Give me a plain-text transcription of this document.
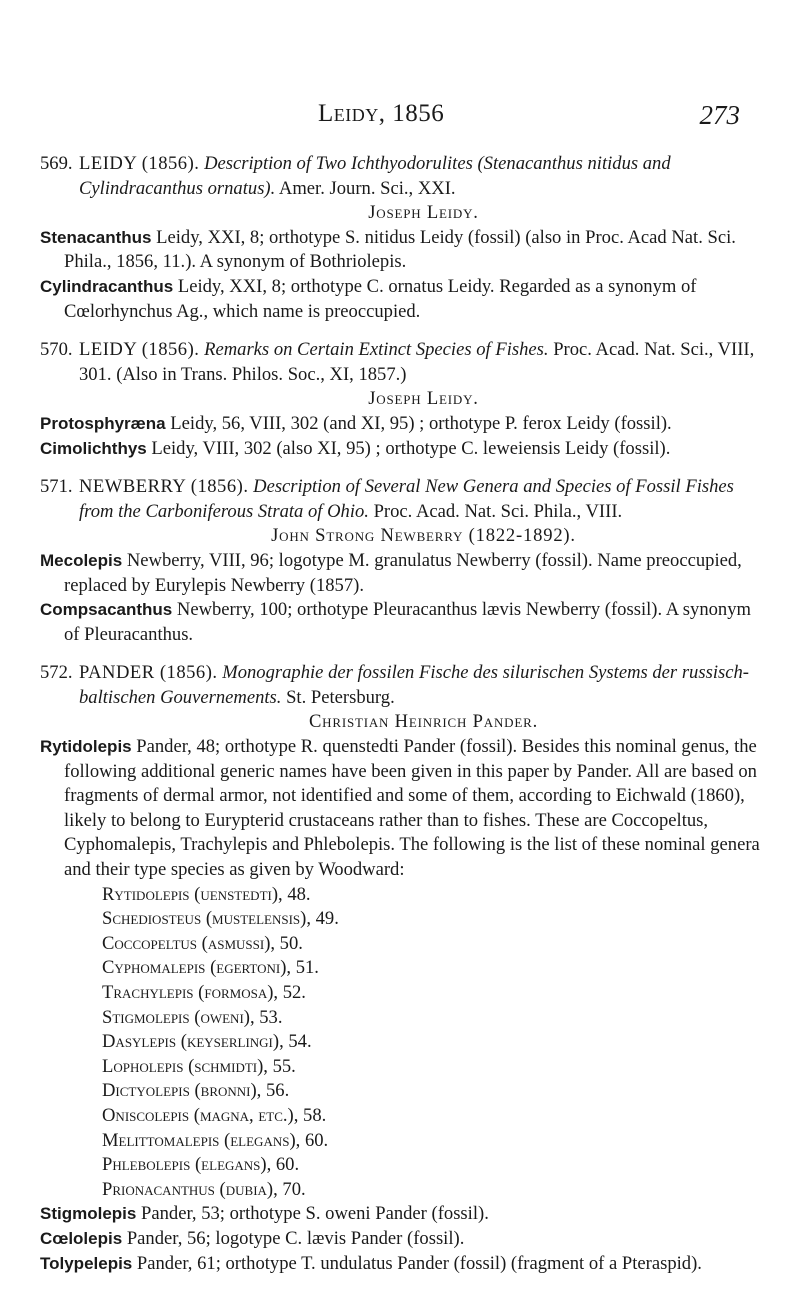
Leidy, 1856	273
569. LEIDY (1856). Description of Two Ichthyodorulites (Stenacanthus nitidus and Cylindracanthus ornatus). Amer. Journ. Sci., XXI.
Joseph Leidy.
Stenacanthus Leidy, XXI, 8; orthotype S. nitidus Leidy (fossil) (also in Proc. Acad Nat. Sci. Phila., 1856, 11.). A synonym of Bothriolepis.
Cylindracanthus Leidy, XXI, 8; orthotype C. ornatus Leidy. Regarded as a synonym of Cœlorhynchus Ag., which name is preoccupied.
570. LEIDY (1856). Remarks on Certain Extinct Species of Fishes. Proc. Acad. Nat. Sci., VIII, 301. (Also in Trans. Philos. Soc., XI, 1857.)
Joseph Leidy.
Protosphyræna Leidy, 56, VIII, 302 (and XI, 95) ; orthotype P. ferox Leidy (fossil).
Cimolichthys Leidy, VIII, 302 (also XI, 95) ; orthotype C. leweiensis Leidy (fossil).
571. NEWBERRY (1856). Description of Several New Genera and Species of Fossil Fishes from the Carboniferous Strata of Ohio. Proc. Acad. Nat. Sci. Phila., VIII.
John Strong Newberry (1822-1892).
Mecolepis Newberry, VIII, 96; logotype M. granulatus Newberry (fossil). Name preoccupied, replaced by Eurylepis Newberry (1857).
Compsacanthus Newberry, 100; orthotype Pleuracanthus lævis Newberry (fossil). A synonym of Pleuracanthus.
572. PANDER (1856). Monographie der fossilen Fische des silurischen Systems der russisch-baltischen Gouvernements. St. Petersburg.
Christian Heinrich Pander.
Rytidolepis Pander, 48; orthotype R. quenstedti Pander (fossil). Besides this nominal genus, the following additional generic names have been given in this paper by Pander. All are based on fragments of dermal armor, not identified and some of them, according to Eichwald (1860), likely to belong to Eurypterid crustaceans rather than to fishes. These are Coccopeltus, Cyphomalepis, Trachylepis and Phlebolepis. The following is the list of these nominal genera and their type species as given by Woodward:
Rytidolepis (uenstedti), 48.
Schediosteus (mustelensis), 49.
Coccopeltus (asmussi), 50.
Cyphomalepis (egertoni), 51.
Trachylepis (formosa), 52.
Stigmolepis (oweni), 53.
Dasylepis (keyserlingi), 54.
Lopholepis (schmidti), 55.
Dictyolepis (bronni), 56.
Oniscolepis (magna, etc.), 58.
Melittomalepis (elegans), 60.
Phlebolepis (elegans), 60.
Prionacanthus (dubia), 70.
Stigmolepis Pander, 53; orthotype S. oweni Pander (fossil).
Cœlolepis Pander, 56; logotype C. lævis Pander (fossil).
Tolypelepis Pander, 61; orthotype T. undulatus Pander (fossil) (fragment of a Pteraspid).
